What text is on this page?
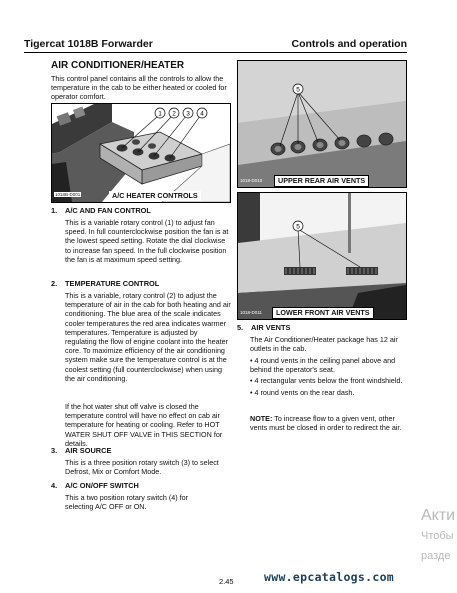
Tigercat 1018B Forwarder	Controls and operation
AIR CONDITIONER/HEATER
This control panel contains all the controls to allow the temperature in the cab to be either heated or cooled for operator comfort.
1 2 3 4
1018B-D001	A/C HEATER CONTROLS
5
1018-D010	UPPER REAR AIR VENTS
5
1018-D011	LOWER FRONT AIR VENTS
1. A/C AND FAN CONTROL
This is a variable rotary control (1) to adjust fan speed. In full counterclockwise position the fan is at the lowest speed setting. Rotate the dial clockwise to increase fan speed. In the full clockwise position the fan is at maximum speed setting.
2. TEMPERATURE CONTROL
This is a variable, rotary control (2) to adjust the temperature of air in the cab for both heating and air conditioning. The blue area of the scale indicates cooler temperatures the red area indicates warmer temperatures. Temperature is adjusted by regulating the flow of engine coolant into the heater core. To maximize efficiency of the air conditioning system make sure the temperature control is at the coolest setting (full counterclockwise) when using the air conditioning.
If the hot water shut off valve is closed the temperature control will have no effect on cab air temperature for heating or cooling. Refer to HOT WATER SHUT OFF VALVE in THIS SECTION for details.
3. AIR SOURCE
This is a three position rotary switch (3) to select Defrost, Mix or Comfort Mode.
4. A/C ON/OFF SWITCH
This a two position rotary switch (4) for selecting A/C OFF or ON.
5. AIR VENTS
The Air Conditioner/Heater package has 12 air outlets in the cab.
• 4 round vents in the ceiling panel above and behind the operator's seat.
• 4 rectangular vents below the front windshield.
• 4 round vents on the rear dash.
NOTE: To increase flow to a given vent, other vents must be closed in order to redirect the air.
2.45	www.epcatalogs.com
Акти
Чтобы
разде
